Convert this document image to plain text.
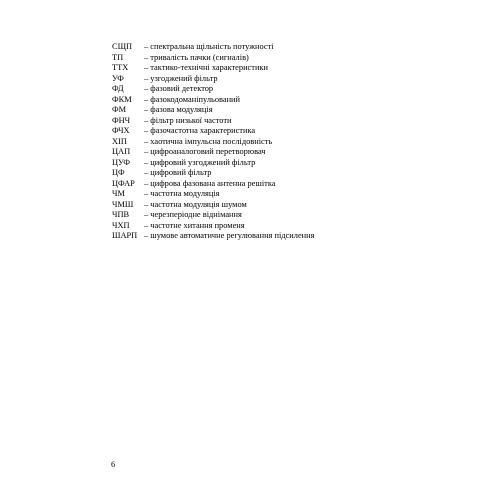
СЩП	– спектральна щільність потужності
ТП	– тривалість пачки (сигналів)
ТТХ	– тактико-технічні характеристики
УФ	– узгоджений фільтр
ФД	– фазовий детектор
ФКМ	– фазокодоманіпульований
ФМ	– фазова модуляція
ФНЧ	– фільтр низької частоти
ФЧХ	– фазочастотна характеристика
ХІП	– хаотична імпульсна послідовність
ЦАП	– цифроаналоговий перетворювач
ЦУФ	– цифровий узгоджений фільтр
ЦФ	– цифровий фільтр
ЦФАР	– цифрова фазована антенна решітка
ЧМ	– частотна модуляція
ЧМШ	– частотна модуляція шумом
ЧПВ	– черезперіодне віднімання
ЧХП	– частотне хитання променя
ШАРП – шумове автоматичне регулювання підсилення
6
